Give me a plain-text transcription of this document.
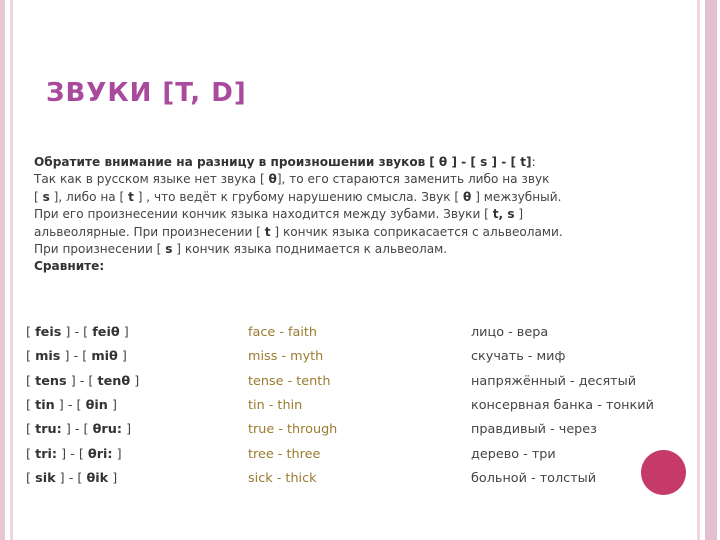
ЗВУКИ [T, D]
Обратите внимание на разницу в произношении звуков [ θ ] - [ s ] - [ t]:
Так как в русском языке нет звука [ θ], то его стараются заменить либо на звук
[ s ], либо на [ t ] , что ведёт к грубому нарушению смысла. Звук [ θ ] межзубный.
При его произнесении кончик языка находится между зубами. Звуки [ t, s ]
альвеолярные. При произнесении [ t ] кончик языка соприкасается с альвеолами.
При произнесении [ s ] кончик языка поднимается к альвеолам.
Сравните:
[ feis ] - [ feiθ ]	face - faith	лицо - вера
[ mis ] - [ miθ ]	miss - myth	скучать - миф
[ tens ] - [ tenθ ]	tense - tenth	напряжённый - десятый
[ tin ] - [ θin ]	tin - thin	консервная банка - тонкий
[ tru: ] - [ θru: ]	true - through	правдивый - через
[ tri: ] - [ θri: ]	tree - three	дерево - три
[ sik ] - [ θik ]	sick - thick	больной - толстый
